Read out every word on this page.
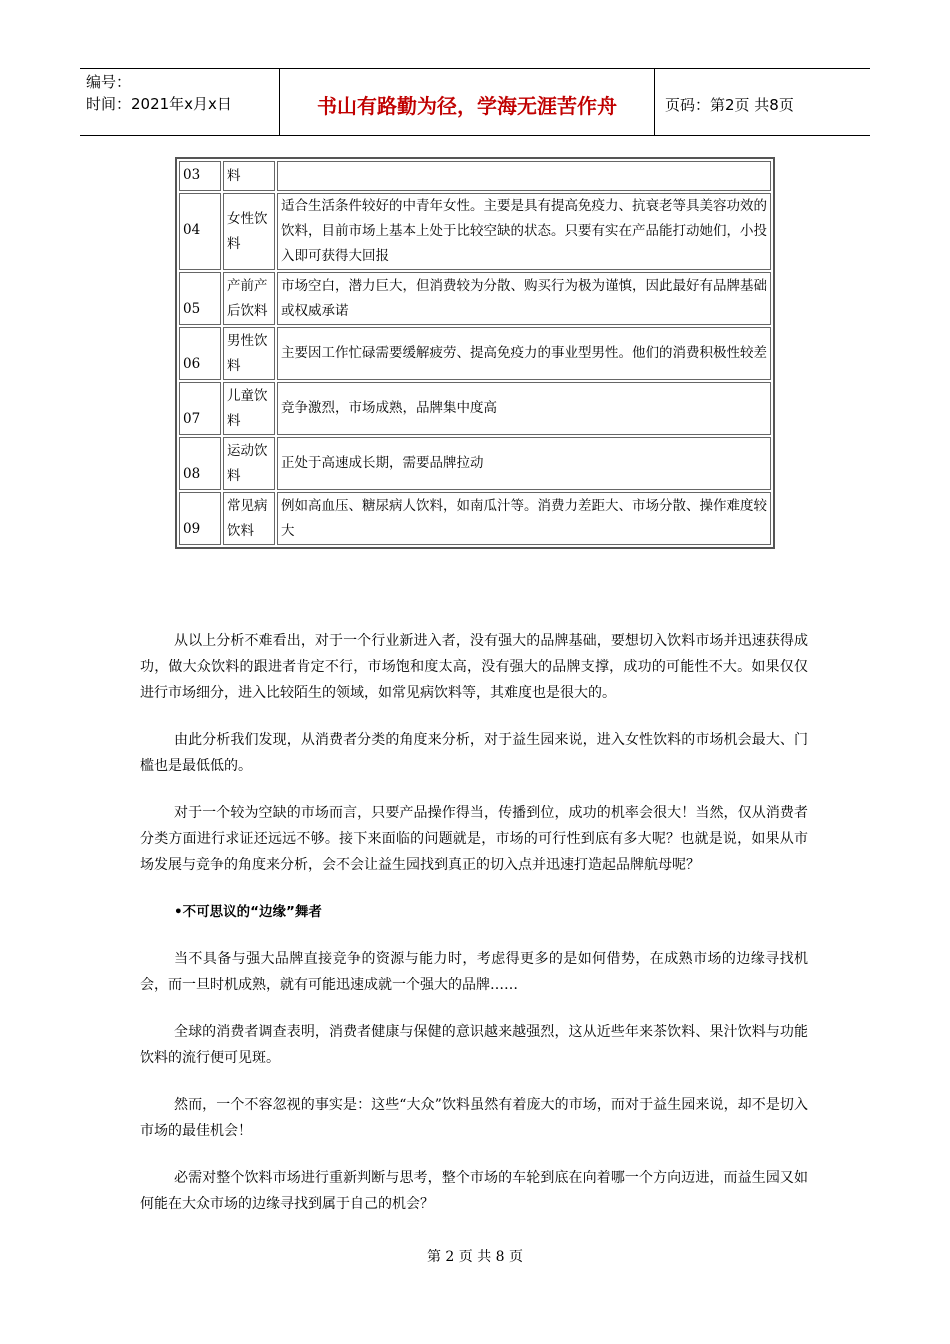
编号：
时间：2021年x月x日	书山有路勤为径，学海无涯苦作舟	页码：第2页 共8页
03	料	
04	女性饮料	适合生活条件较好的中青年女性。主要是具有提高免疫力、抗衰老等具美容功效的饮料，目前市场上基本上处于比较空缺的状态。只要有实在产品能打动她们，小投入即可获得大回报
05	产前产后饮料	市场空白，潜力巨大，但消费较为分散、购买行为极为谨慎，因此最好有品牌基础或权威承诺
06	男性饮料	主要因工作忙碌需要缓解疲劳、提高免疫力的事业型男性。他们的消费积极性较差
07	儿童饮料	竞争激烈，市场成熟，品牌集中度高
08	运动饮料	正处于高速成长期，需要品牌拉动
09	常见病饮料	例如高血压、糖尿病人饮料，如南瓜汁等。消费力差距大、市场分散、操作难度较大

从以上分析不难看出，对于一个行业新进入者，没有强大的品牌基础，要想切入饮料市场并迅速获得成功，做大众饮料的跟进者肯定不行，市场饱和度太高，没有强大的品牌支撑，成功的可能性不大。如果仅仅进行市场细分，进入比较陌生的领域，如常见病饮料等，其难度也是很大的。

由此分析我们发现，从消费者分类的角度来分析，对于益生园来说，进入女性饮料的市场机会最大、门槛也是最低低的。

对于一个较为空缺的市场而言，只要产品操作得当，传播到位，成功的机率会很大！当然，仅从消费者分类方面进行求证还远远不够。接下来面临的问题就是，市场的可行性到底有多大呢？也就是说，如果从市场发展与竞争的角度来分析，会不会让益生园找到真正的切入点并迅速打造起品牌航母呢？

•不可思议的“边缘”舞者

当不具备与强大品牌直接竞争的资源与能力时，考虑得更多的是如何借势，在成熟市场的边缘寻找机会，而一旦时机成熟，就有可能迅速成就一个强大的品牌……

全球的消费者调查表明，消费者健康与保健的意识越来越强烈，这从近些年来茶饮料、果汁饮料与功能饮料的流行便可见斑。

然而，一个不容忽视的事实是：这些“大众”饮料虽然有着庞大的市场，而对于益生园来说，却不是切入市场的最佳机会！

必需对整个饮料市场进行重新判断与思考，整个市场的车轮到底在向着哪一个方向迈进，而益生园又如何能在大众市场的边缘寻找到属于自己的机会？

第 2 页 共 8 页
